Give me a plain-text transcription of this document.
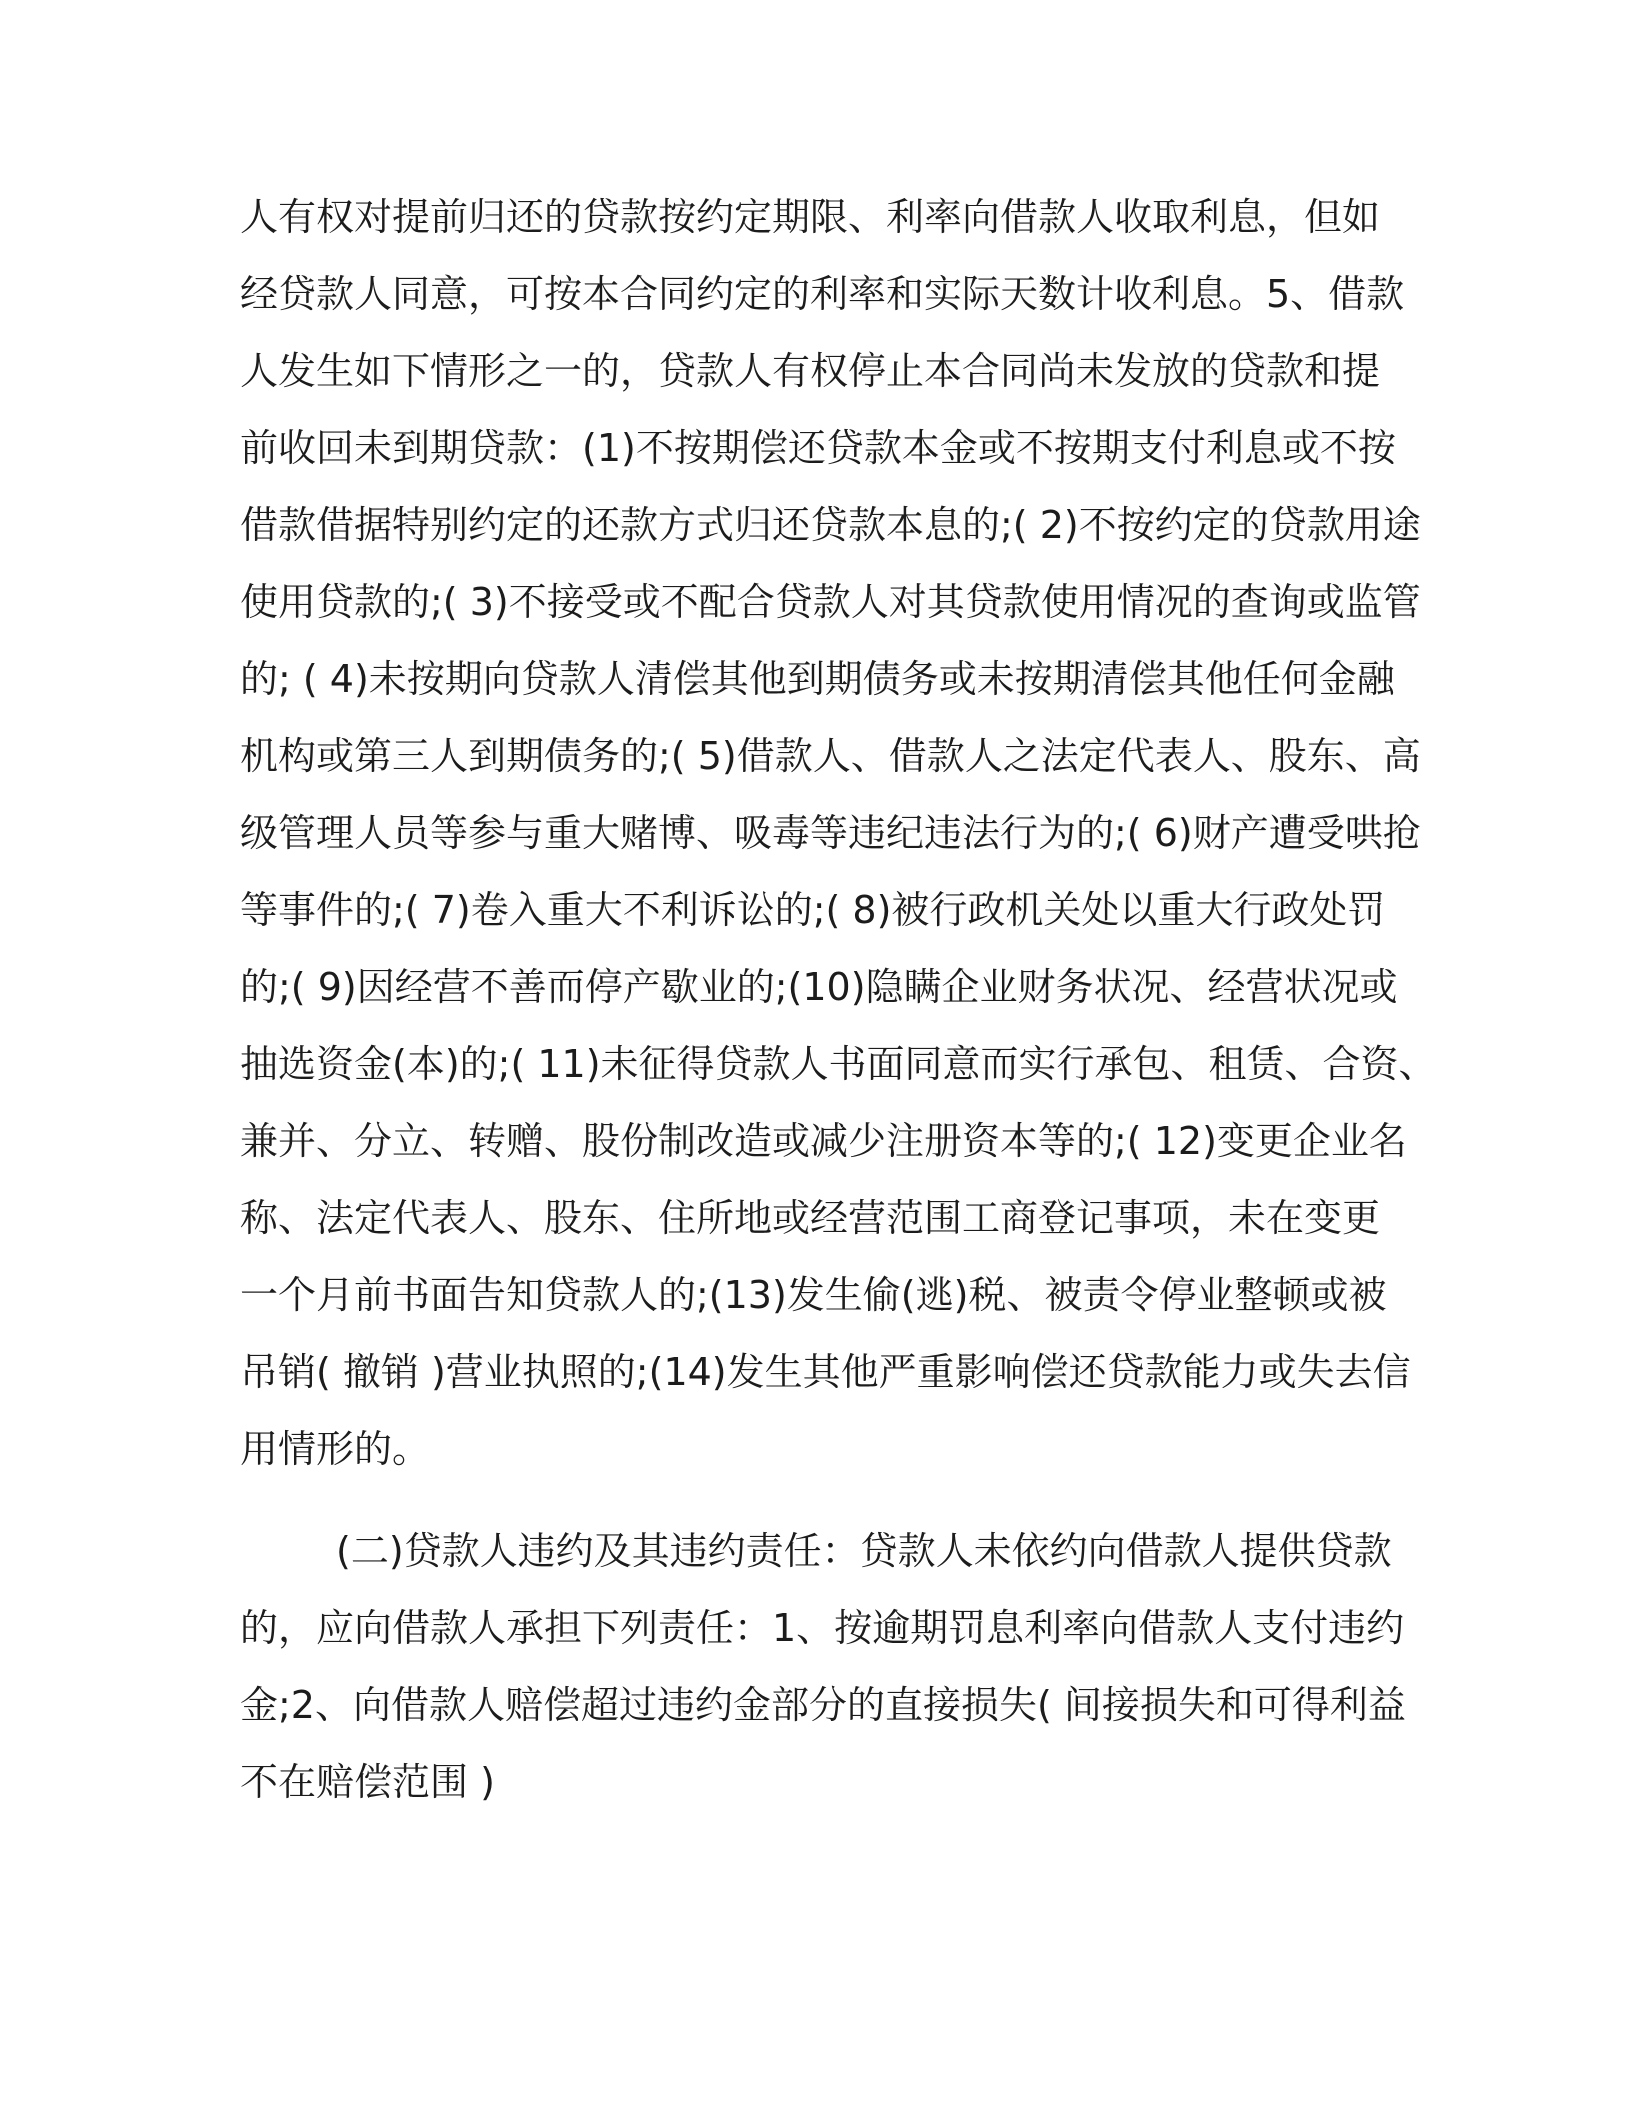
人有权对提前归还的贷款按约定期限、利率向借款人收取利息，但如

经贷款人同意，可按本合同约定的利率和实际天数计收利息。5、借款

人发生如下情形之一的，贷款人有权停止本合同尚未发放的贷款和提

前收回未到期贷款：(1)不按期偿还贷款本金或不按期支付利息或不按

借款借据特别约定的还款方式归还贷款本息的;( 2)不按约定的贷款用途

使用贷款的;( 3)不接受或不配合贷款人对其贷款使用情况的查询或监管

的; ( 4)未按期向贷款人清偿其他到期债务或未按期清偿其他任何金融

机构或第三人到期债务的;( 5)借款人、借款人之法定代表人、股东、高

级管理人员等参与重大赌博、吸毒等违纪违法行为的;( 6)财产遭受哄抢

等事件的;( 7)卷入重大不利诉讼的;( 8)被行政机关处以重大行政处罚

的;( 9)因经营不善而停产歇业的;(10)隐瞒企业财务状况、经营状况或

抽选资金(本)的;( 11)未征得贷款人书面同意而实行承包、租赁、合资、

兼并、分立、转赠、股份制改造或减少注册资本等的;( 12)变更企业名

称、法定代表人、股东、住所地或经营范围工商登记事项，未在变更

一个月前书面告知贷款人的;(13)发生偷(逃)税、被责令停业整顿或被

吊销( 撤销 )营业执照的;(14)发生其他严重影响偿还贷款能力或失去信

用情形的。

(二)贷款人违约及其违约责任：贷款人未依约向借款人提供贷款

的，应向借款人承担下列责任：1、按逾期罚息利率向借款人支付违约

金;2、向借款人赔偿超过违约金部分的直接损失( 间接损失和可得利益

不在赔偿范围 )
